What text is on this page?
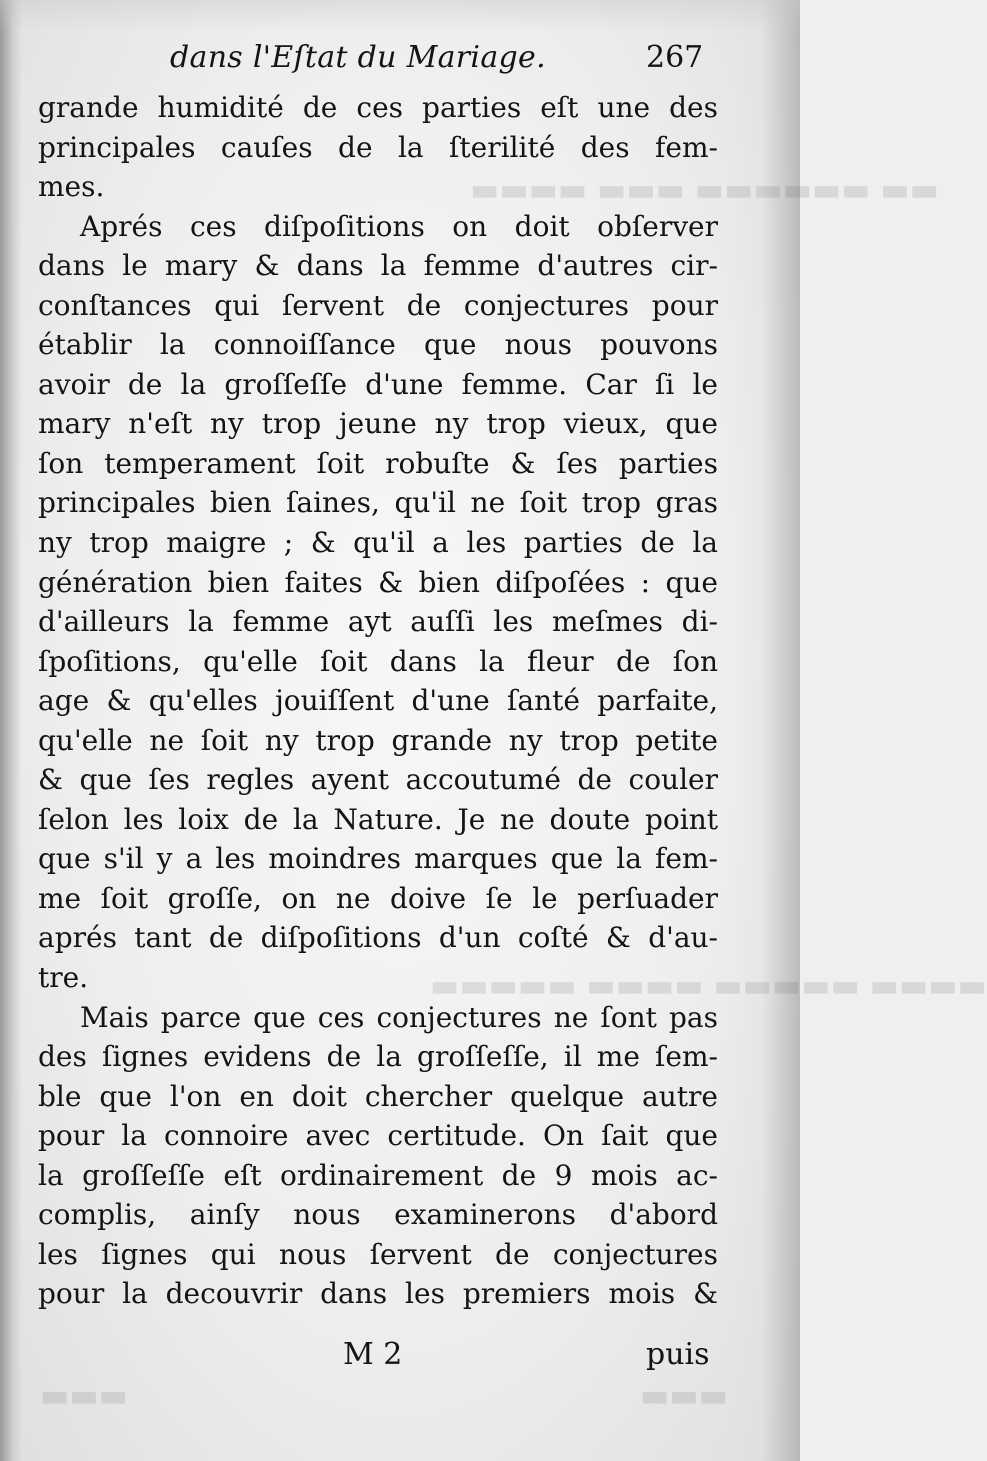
▬▬ ▬▬▬▬▬▬ ▬▬▬ ▬▬▬▬
▬▬▬▬ ▬▬▬▬▬ ▬▬▬▬ ▬▬▬▬▬
▬▬▬	▬▬▬
dans l'Eſtat du Mariage.	267
grande humidité de ces parties eſt une des
principales cauſes de la ſterilité des fem-
mes.
Aprés ces diſpoſitions on doit obſerver
dans le mary & dans la femme d'autres cir-
conſtances qui ſervent de conjectures pour
établir la connoiſſance que nous pouvons
avoir de la groſſeſſe d'une femme. Car ſi le
mary n'eſt ny trop jeune ny trop vieux, que
ſon temperament ſoit robuſte & ſes parties
principales bien ſaines, qu'il ne ſoit trop gras
ny trop maigre ; & qu'il a les parties de la
génération bien faites & bien diſpoſées : que
d'ailleurs la femme ayt auſſi les meſmes di-
ſpoſitions, qu'elle ſoit dans la fleur de ſon
age & qu'elles jouiſſent d'une ſanté parfaite,
qu'elle ne ſoit ny trop grande ny trop petite
& que ſes regles ayent accoutumé de couler
ſelon les loix de la Nature. Je ne doute point
que s'il y a les moindres marques que la fem-
me ſoit groſſe, on ne doive ſe le perſuader
aprés tant de diſpoſitions d'un coſté & d'au-
tre.
Mais parce que ces conjectures ne ſont pas
des ſignes evidens de la groſſeſſe, il me ſem-
ble que l'on en doit chercher quelque autre
pour la connoire avec certitude. On ſait que
la groſſeſſe eſt ordinairement de 9 mois ac-
complis, ainſy nous examinerons d'abord
les ſignes qui nous ſervent de conjectures
pour la decouvrir dans les premiers mois &
M 2	puis
